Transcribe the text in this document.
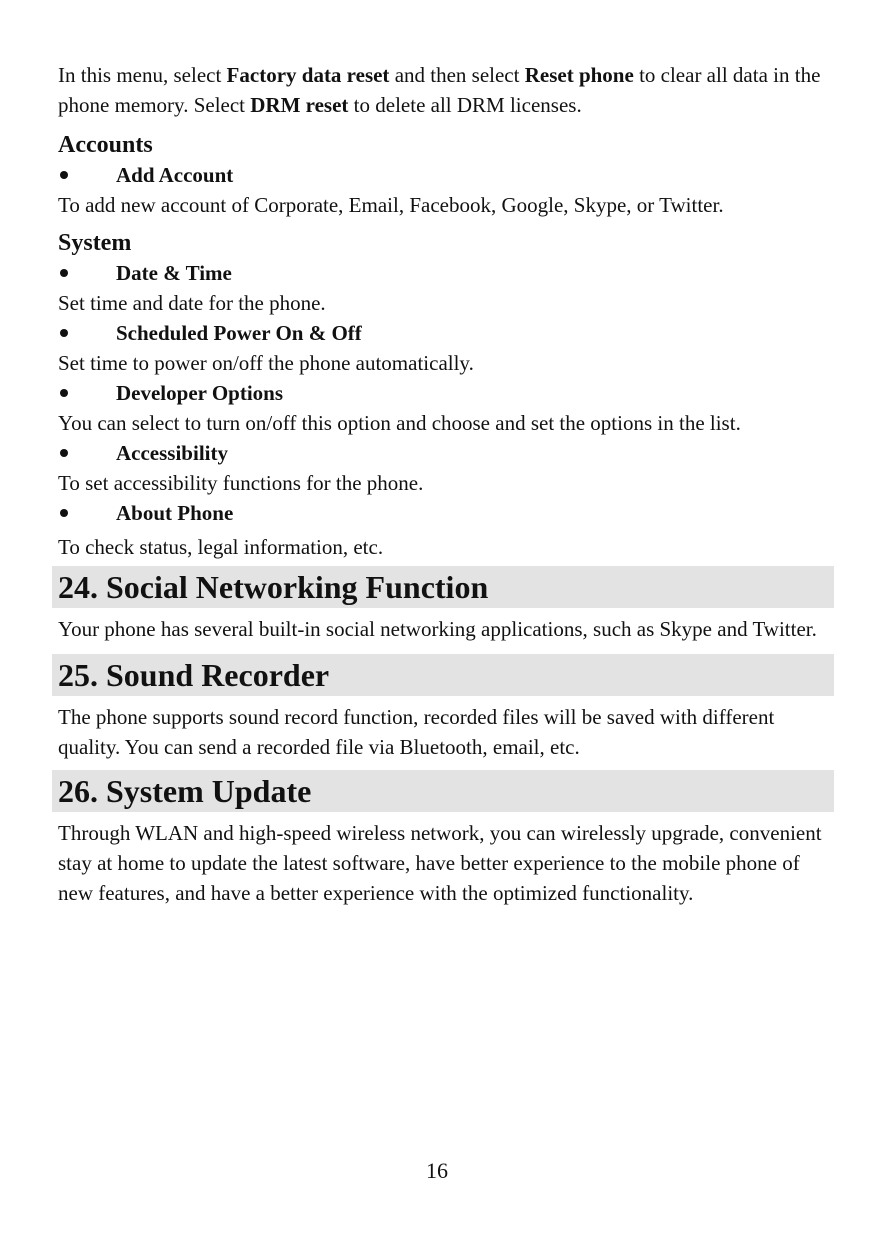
In this menu, select Factory data reset and then select Reset phone to clear all data in the phone memory. Select DRM reset to delete all DRM licenses.

Accounts
Add Account

To add new account of Corporate, Email, Facebook, Google, Skype, or Twitter.

System
Date & Time

Set time and date for the phone.

Scheduled Power On & Off

Set time to power on/off the phone automatically.

Developer Options

You can select to turn on/off this option and choose and set the options in the list.

Accessibility

To set accessibility functions for the phone.

About Phone

To check status, legal information, etc.

24. Social Networking Function

Your phone has several built-in social networking applications, such as Skype and Twitter.

25. Sound Recorder

The phone supports sound record function, recorded files will be saved with different quality. You can send a recorded file via Bluetooth, email, etc.

26. System Update

Through WLAN and high-speed wireless network, you can wirelessly upgrade, convenient stay at home to update the latest software, have better experience to the mobile phone of new features, and have a better experience with the optimized functionality.

16
